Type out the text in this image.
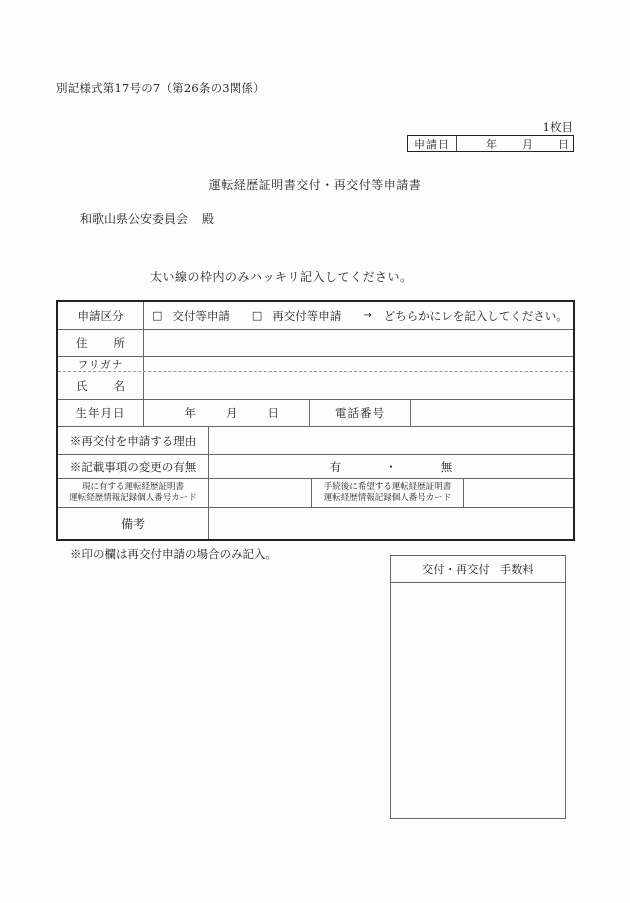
別記様式第17号の7（第26条の3関係）
1枚目
申請日	年 月 日
運転経歴証明書交付・再交付等申請書
和歌山県公安委員会 殿
太い線の枠内のみハッキリ記入してください。
申請区分	□ 交付等申請 □ 再交付等申請 → どちらかにレを記入してください。
住 所
フリガナ
氏 名
生年月日	年	月	日	電話番号
※再交付を申請する理由
※記載事項の変更の有無	有	・	無
現に有する運転経歴証明書
運転経歴情報記録個人番号カード
手続後に希望する運転経歴証明書
運転経歴情報記録個人番号カード
備考
※印の欄は再交付申請の場合のみ記入。
交付・再交付 手数料
